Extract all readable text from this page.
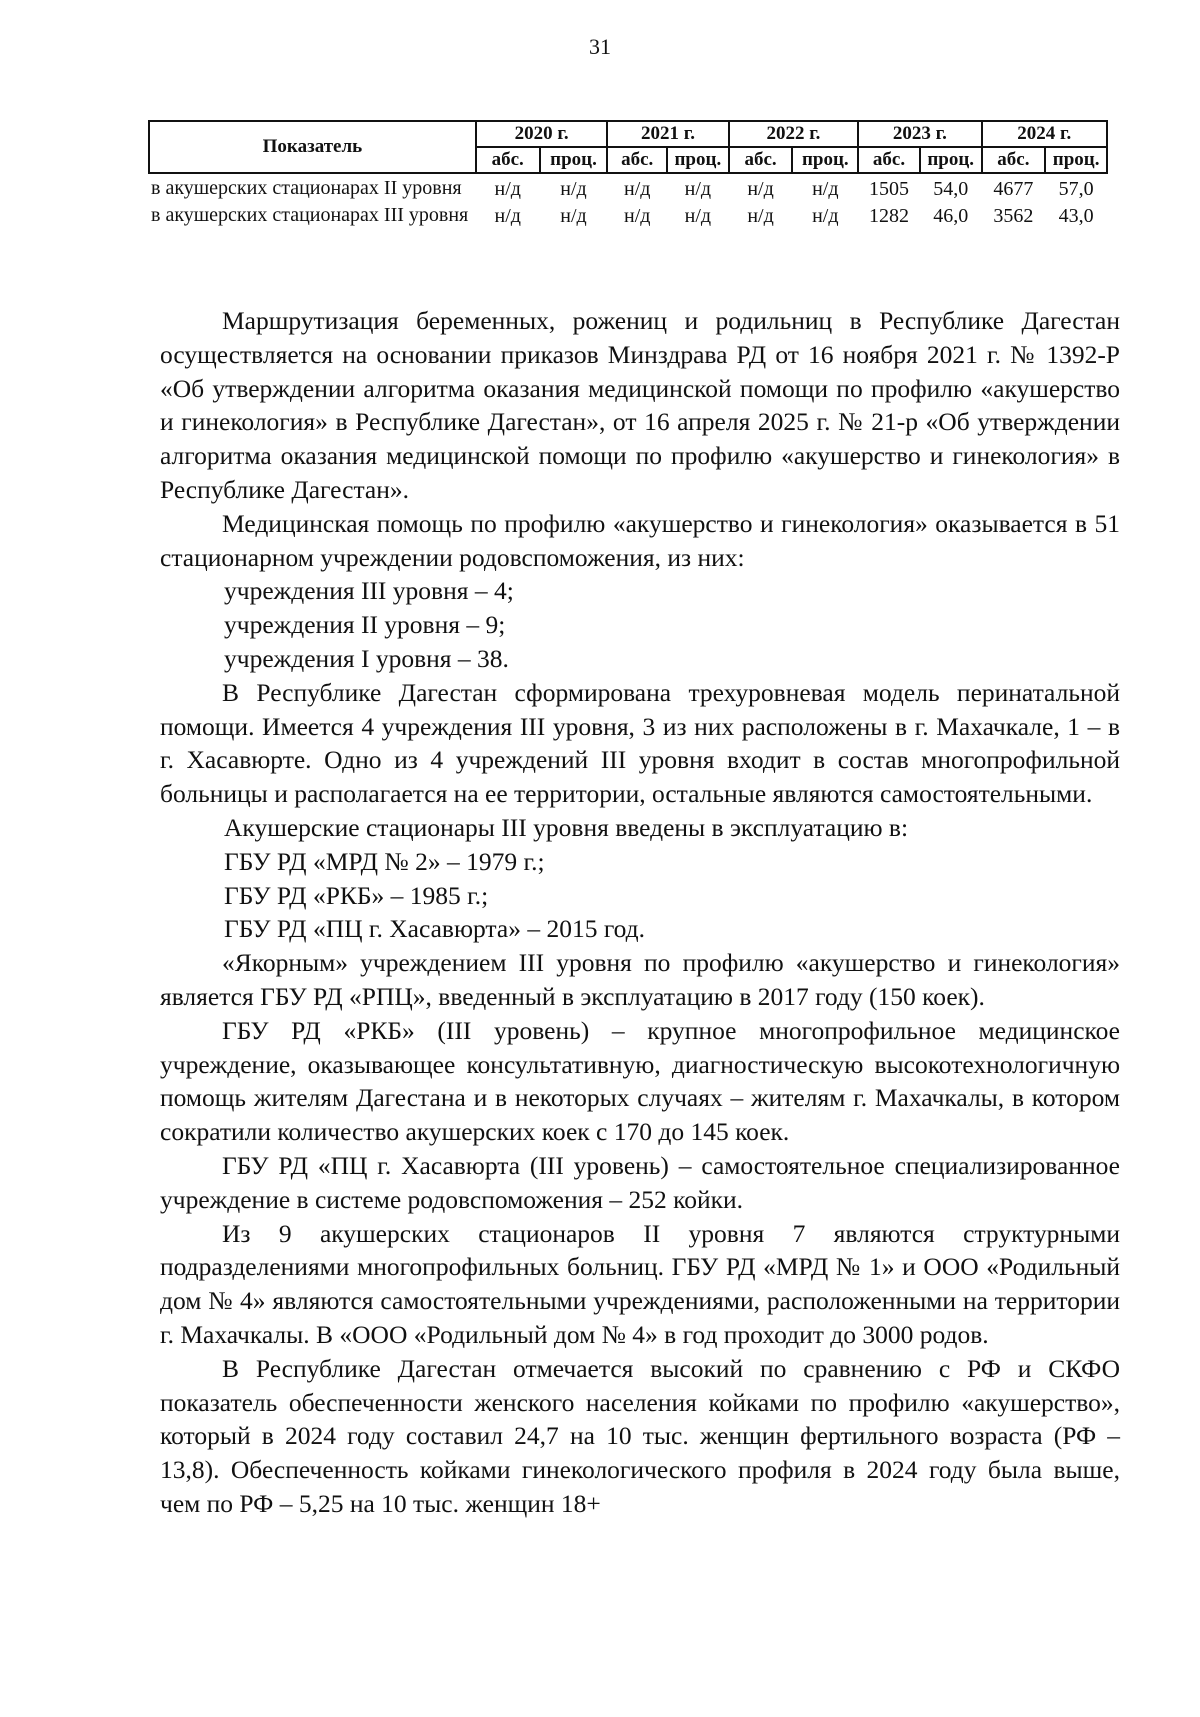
31
Показатель	2020 г.		2021 г.		2022 г.		2023 г.		2024 г.	
	абс.	проц.	абс.	проц.	абс.	проц.	абс.	проц.	абс.	проц.
в акушерских стационарах II уровня	н/д	н/д	н/д	н/д	н/д	н/д	1505	54,0	4677	57,0
в акушерских стационарах III уровня	н/д	н/д	н/д	н/д	н/д	н/д	1282	46,0	3562	43,0

Маршрутизация беременных, рожениц и родильниц в Республике Дагестан осуществляется на основании приказов Минздрава РД от 16 ноября 2021 г. № 1392-Р «Об утверждении алгоритма оказания медицинской помощи по профилю «акушерство и гинекология» в Республике Дагестан», от 16 апреля 2025 г. № 21-р «Об утверждении алгоритма оказания медицинской помощи по профилю «акушерство и гинекология» в Республике Дагестан».

Медицинская помощь по профилю «акушерство и гинекология» оказывается в 51 стационарном учреждении родовспоможения, из них:

учреждения III уровня – 4;

учреждения II уровня – 9;

учреждения I уровня – 38.

В Республике Дагестан сформирована трехуровневая модель перинатальной помощи. Имеется 4 учреждения III уровня, 3 из них расположены в г. Махачкале, 1 – в г. Хасавюрте. Одно из 4 учреждений III уровня входит в состав многопрофильной больницы и располагается на ее территории, остальные являются самостоятельными.

Акушерские стационары III уровня введены в эксплуатацию в:

ГБУ РД «МРД № 2» – 1979 г.;

ГБУ РД «РКБ» – 1985 г.;

ГБУ РД «ПЦ г. Хасавюрта» – 2015 год.

«Якорным» учреждением III уровня по профилю «акушерство и гинекология» является ГБУ РД «РПЦ», введенный в эксплуатацию в 2017 году (150 коек).

ГБУ РД «РКБ» (III уровень) – крупное многопрофильное медицинское учреждение, оказывающее консультативную, диагностическую высокотехнологичную помощь жителям Дагестана и в некоторых случаях – жителям г. Махачкалы, в котором сократили количество акушерских коек с 170 до 145 коек.

ГБУ РД «ПЦ г. Хасавюрта (III уровень) – самостоятельное специализированное учреждение в системе родовспоможения – 252 койки.

Из 9 акушерских стационаров II уровня 7 являются структурными подразделениями многопрофильных больниц. ГБУ РД «МРД № 1» и ООО «Родильный дом № 4» являются самостоятельными учреждениями, расположенными на территории г. Махачкалы. В «ООО «Родильный дом № 4» в год проходит до 3000 родов.

В Республике Дагестан отмечается высокий по сравнению с РФ и СКФО показатель обеспеченности женского населения койками по профилю «акушерство», который в 2024 году составил 24,7 на 10 тыс. женщин фертильного возраста (РФ – 13,8). Обеспеченность койками гинекологического профиля в 2024 году была выше, чем по РФ – 5,25 на 10 тыс. женщин 18+
